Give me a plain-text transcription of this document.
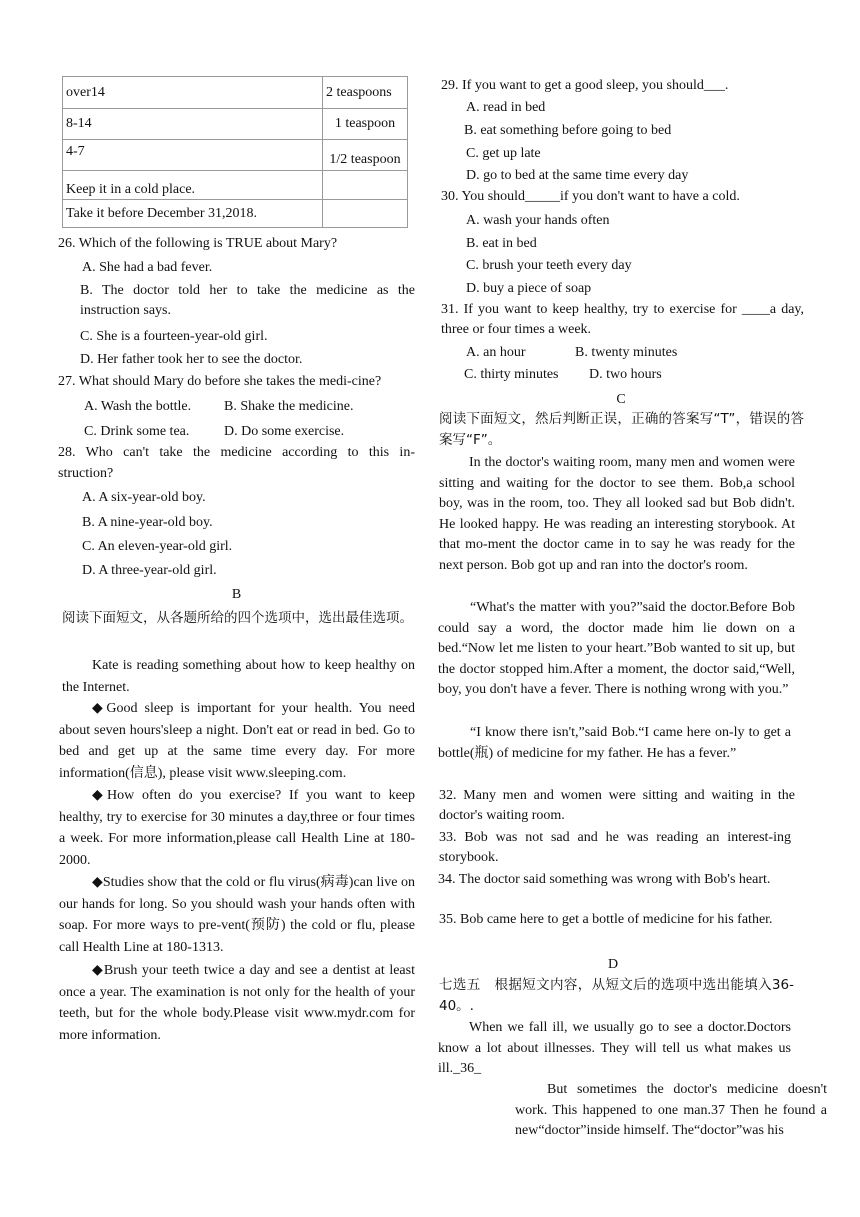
over14	2 teaspoons
8-14	1 teaspoon
4-7	1/2 teaspoon
Keep it in a cold place.	
Take it before December 31,2018.	
26. Which of the following is TRUE about Mary?
A. She had a bad fever.
B. The doctor told her to take the medicine as the
instruction says.
C. She is a fourteen-year-old girl.
D. Her father took her to see the doctor.
27. What should Mary do before she takes the medi-cine?
A. Wash the bottle. B. Shake the medicine.
C. Drink some tea. D. Do some exercise.
28. Who can't take the medicine according to this in-
struction?
A. A six-year-old boy.
B. A nine-year-old boy.
C. An eleven-year-old girl.
D. A three-year-old girl.
B
阅读下面短文，从各题所给的四个选项中，选出最佳选项。
Kate is reading something about how to keep healthy on the Internet.
◆Good sleep is important for your health. You need about seven hours'sleep a night. Don't eat or read in bed. Go to bed and get up at the same time every day. For more information(信息), please visit www.sleeping.com.
◆How often do you exercise? If you want to keep healthy, try to exercise for 30 minutes a day,three or four times a week. For more information,please call Health Line at 180-2000.
◆Studies show that the cold or flu virus(病毒)can live on our hands for long. So you should wash your hands often with soap. For more ways to pre-vent(预防) the cold or flu, please call Health Line at 180-1313.
◆Brush your teeth twice a day and see a dentist at least once a year. The examination is not only for the health of your teeth, but for the whole body.Please visit www.mydr.com for more information.
29. If you want to get a good sleep, you should___.
A. read in bed
B. eat something before going to bed
C. get up late
D. go to bed at the same time every day
30. You should_____if you don't want to have a cold.
A. wash your hands often
B. eat in bed
C. brush your teeth every day
D. buy a piece of soap
31. If you want to keep healthy, try to exercise for ____a day, three or four times a week.
A. an hour	B. twenty minutes
C. thirty minutes D. two hours
C
阅读下面短文，然后判断正误，正确的答案写“T”，错误的答案写“F”。
In the doctor's waiting room, many men and women were sitting and waiting for the doctor to see them. Bob,a school boy, was in the room, too. They all looked sad but Bob didn't. He looked happy. He was reading an interesting storybook. At that mo-ment the doctor came in to say he was ready for the next person. Bob got up and ran into the doctor's room.
“What's the matter with you?”said the doctor.Before Bob could say a word, the doctor made him lie down on a bed.“Now let me listen to your heart.”Bob wanted to sit up, but the doctor stopped him.After a moment, the doctor said,“Well, boy, you don't have a fever. There is nothing wrong with you.”
“I know there isn't,”said Bob.“I came here on-ly to get a bottle(瓶) of medicine for my father. He has a fever.”
32. Many men and women were sitting and waiting in the doctor's waiting room.
33. Bob was not sad and he was reading an interest-ing storybook.
34. The doctor said something was wrong with Bob's heart.
35. Bob came here to get a bottle of medicine for his father.
D
七选五　根据短文内容，从短文后的选项中选出能填入36-40。.
When we fall ill, we usually go to see a doctor.Doctors know a lot about illnesses. They will tell us what makes us ill._36_
But sometimes the doctor's medicine doesn't work. This happened to one man.37 Then he found a new“doctor”inside himself. The“doctor”was his
